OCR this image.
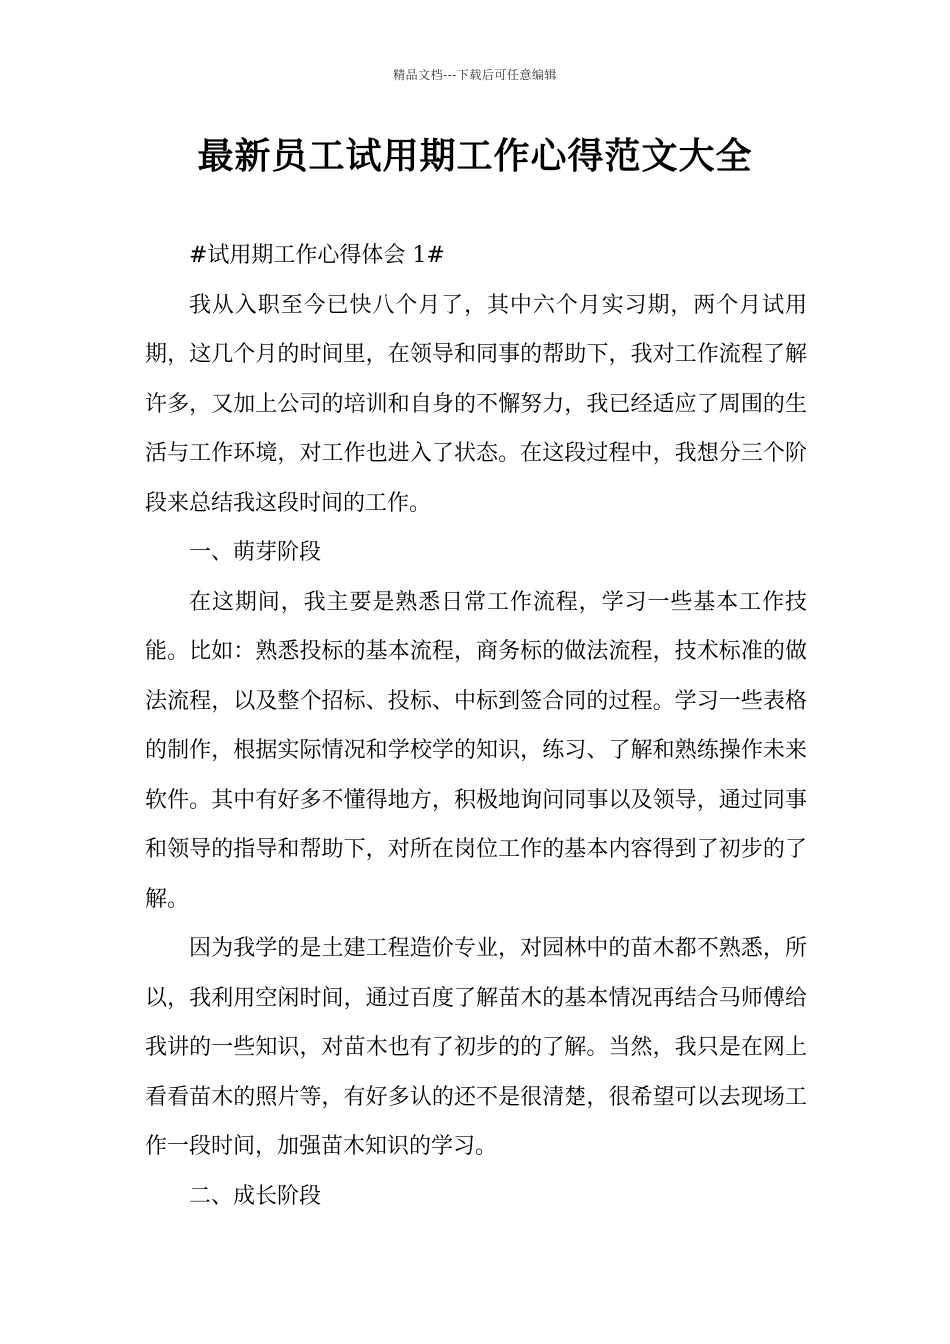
精品文档---下载后可任意编辑
最新员工试用期工作心得范文大全

#试用期工作心得体会 1#

我从入职至今已快八个月了，其中六个月实习期，两个月试用期，这几个月的时间里，在领导和同事的帮助下，我对工作流程了解许多，又加上公司的培训和自身的不懈努力，我已经适应了周围的生活与工作环境，对工作也进入了状态。在这段过程中，我想分三个阶段来总结我这段时间的工作。

一、萌芽阶段

在这期间，我主要是熟悉日常工作流程，学习一些基本工作技能。比如：熟悉投标的基本流程，商务标的做法流程，技术标准的做法流程，以及整个招标、投标、中标到签合同的过程。学习一些表格的制作，根据实际情况和学校学的知识，练习、了解和熟练操作未来软件。其中有好多不懂得地方，积极地询问同事以及领导，通过同事和领导的指导和帮助下，对所在岗位工作的基本内容得到了初步的了解。

因为我学的是土建工程造价专业，对园林中的苗木都不熟悉，所以，我利用空闲时间，通过百度了解苗木的基本情况再结合马师傅给我讲的一些知识，对苗木也有了初步的的了解。当然，我只是在网上看看苗木的照片等，有好多认的还不是很清楚，很希望可以去现场工作一段时间，加强苗木知识的学习。

二、成长阶段
